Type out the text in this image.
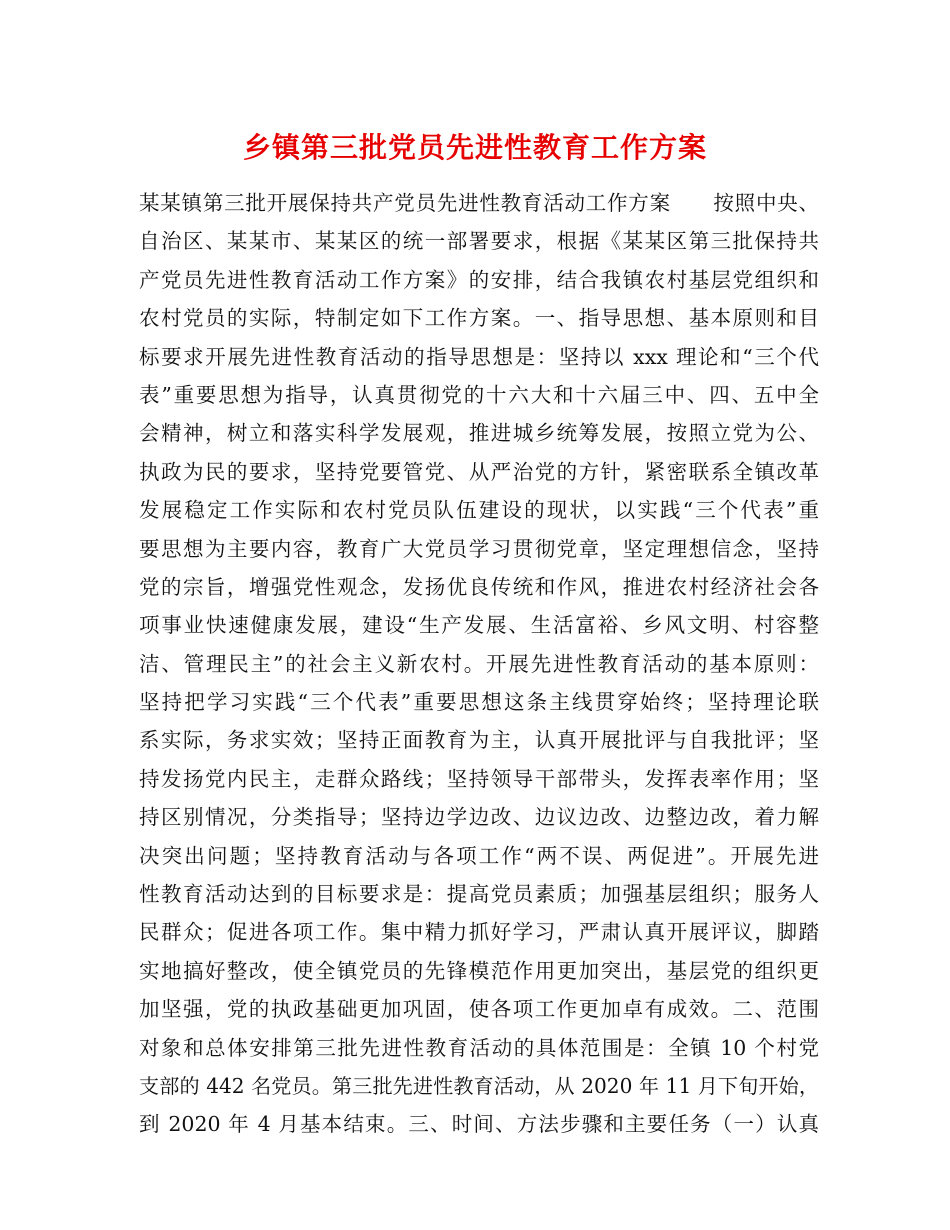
乡镇第三批党员先进性教育工作方案
某某镇第三批开展保持共产党员先进性教育活动工作方案　　按照中央、
自治区、某某市、某某区的统一部署要求，根据《某某区第三批保持共
产党员先进性教育活动工作方案》的安排，结合我镇农村基层党组织和
农村党员的实际，特制定如下工作方案。一、指导思想、基本原则和目
标要求开展先进性教育活动的指导思想是：坚持以 xxx 理论和“三个代
表”重要思想为指导，认真贯彻党的十六大和十六届三中、四、五中全
会精神，树立和落实科学发展观，推进城乡统筹发展，按照立党为公、
执政为民的要求，坚持党要管党、从严治党的方针，紧密联系全镇改革
发展稳定工作实际和农村党员队伍建设的现状，以实践“三个代表”重
要思想为主要内容，教育广大党员学习贯彻党章，坚定理想信念，坚持
党的宗旨，增强党性观念，发扬优良传统和作风，推进农村经济社会各
项事业快速健康发展，建设“生产发展、生活富裕、乡风文明、村容整
洁、管理民主”的社会主义新农村。开展先进性教育活动的基本原则：
坚持把学习实践“三个代表”重要思想这条主线贯穿始终；坚持理论联
系实际，务求实效；坚持正面教育为主，认真开展批评与自我批评；坚
持发扬党内民主，走群众路线；坚持领导干部带头，发挥表率作用；坚
持区别情况，分类指导；坚持边学边改、边议边改、边整边改，着力解
决突出问题；坚持教育活动与各项工作“两不误、两促进”。开展先进
性教育活动达到的目标要求是：提高党员素质；加强基层组织；服务人
民群众；促进各项工作。集中精力抓好学习，严肃认真开展评议，脚踏
实地搞好整改，使全镇党员的先锋模范作用更加突出，基层党的组织更
加坚强，党的执政基础更加巩固，使各项工作更加卓有成效。二、范围
对象和总体安排第三批先进性教育活动的具体范围是：全镇 10 个村党
支部的 442 名党员。第三批先进性教育活动，从 2020 年 11 月下旬开始，
到 2020 年 4 月基本结束。三、时间、方法步骤和主要任务（一）认真
